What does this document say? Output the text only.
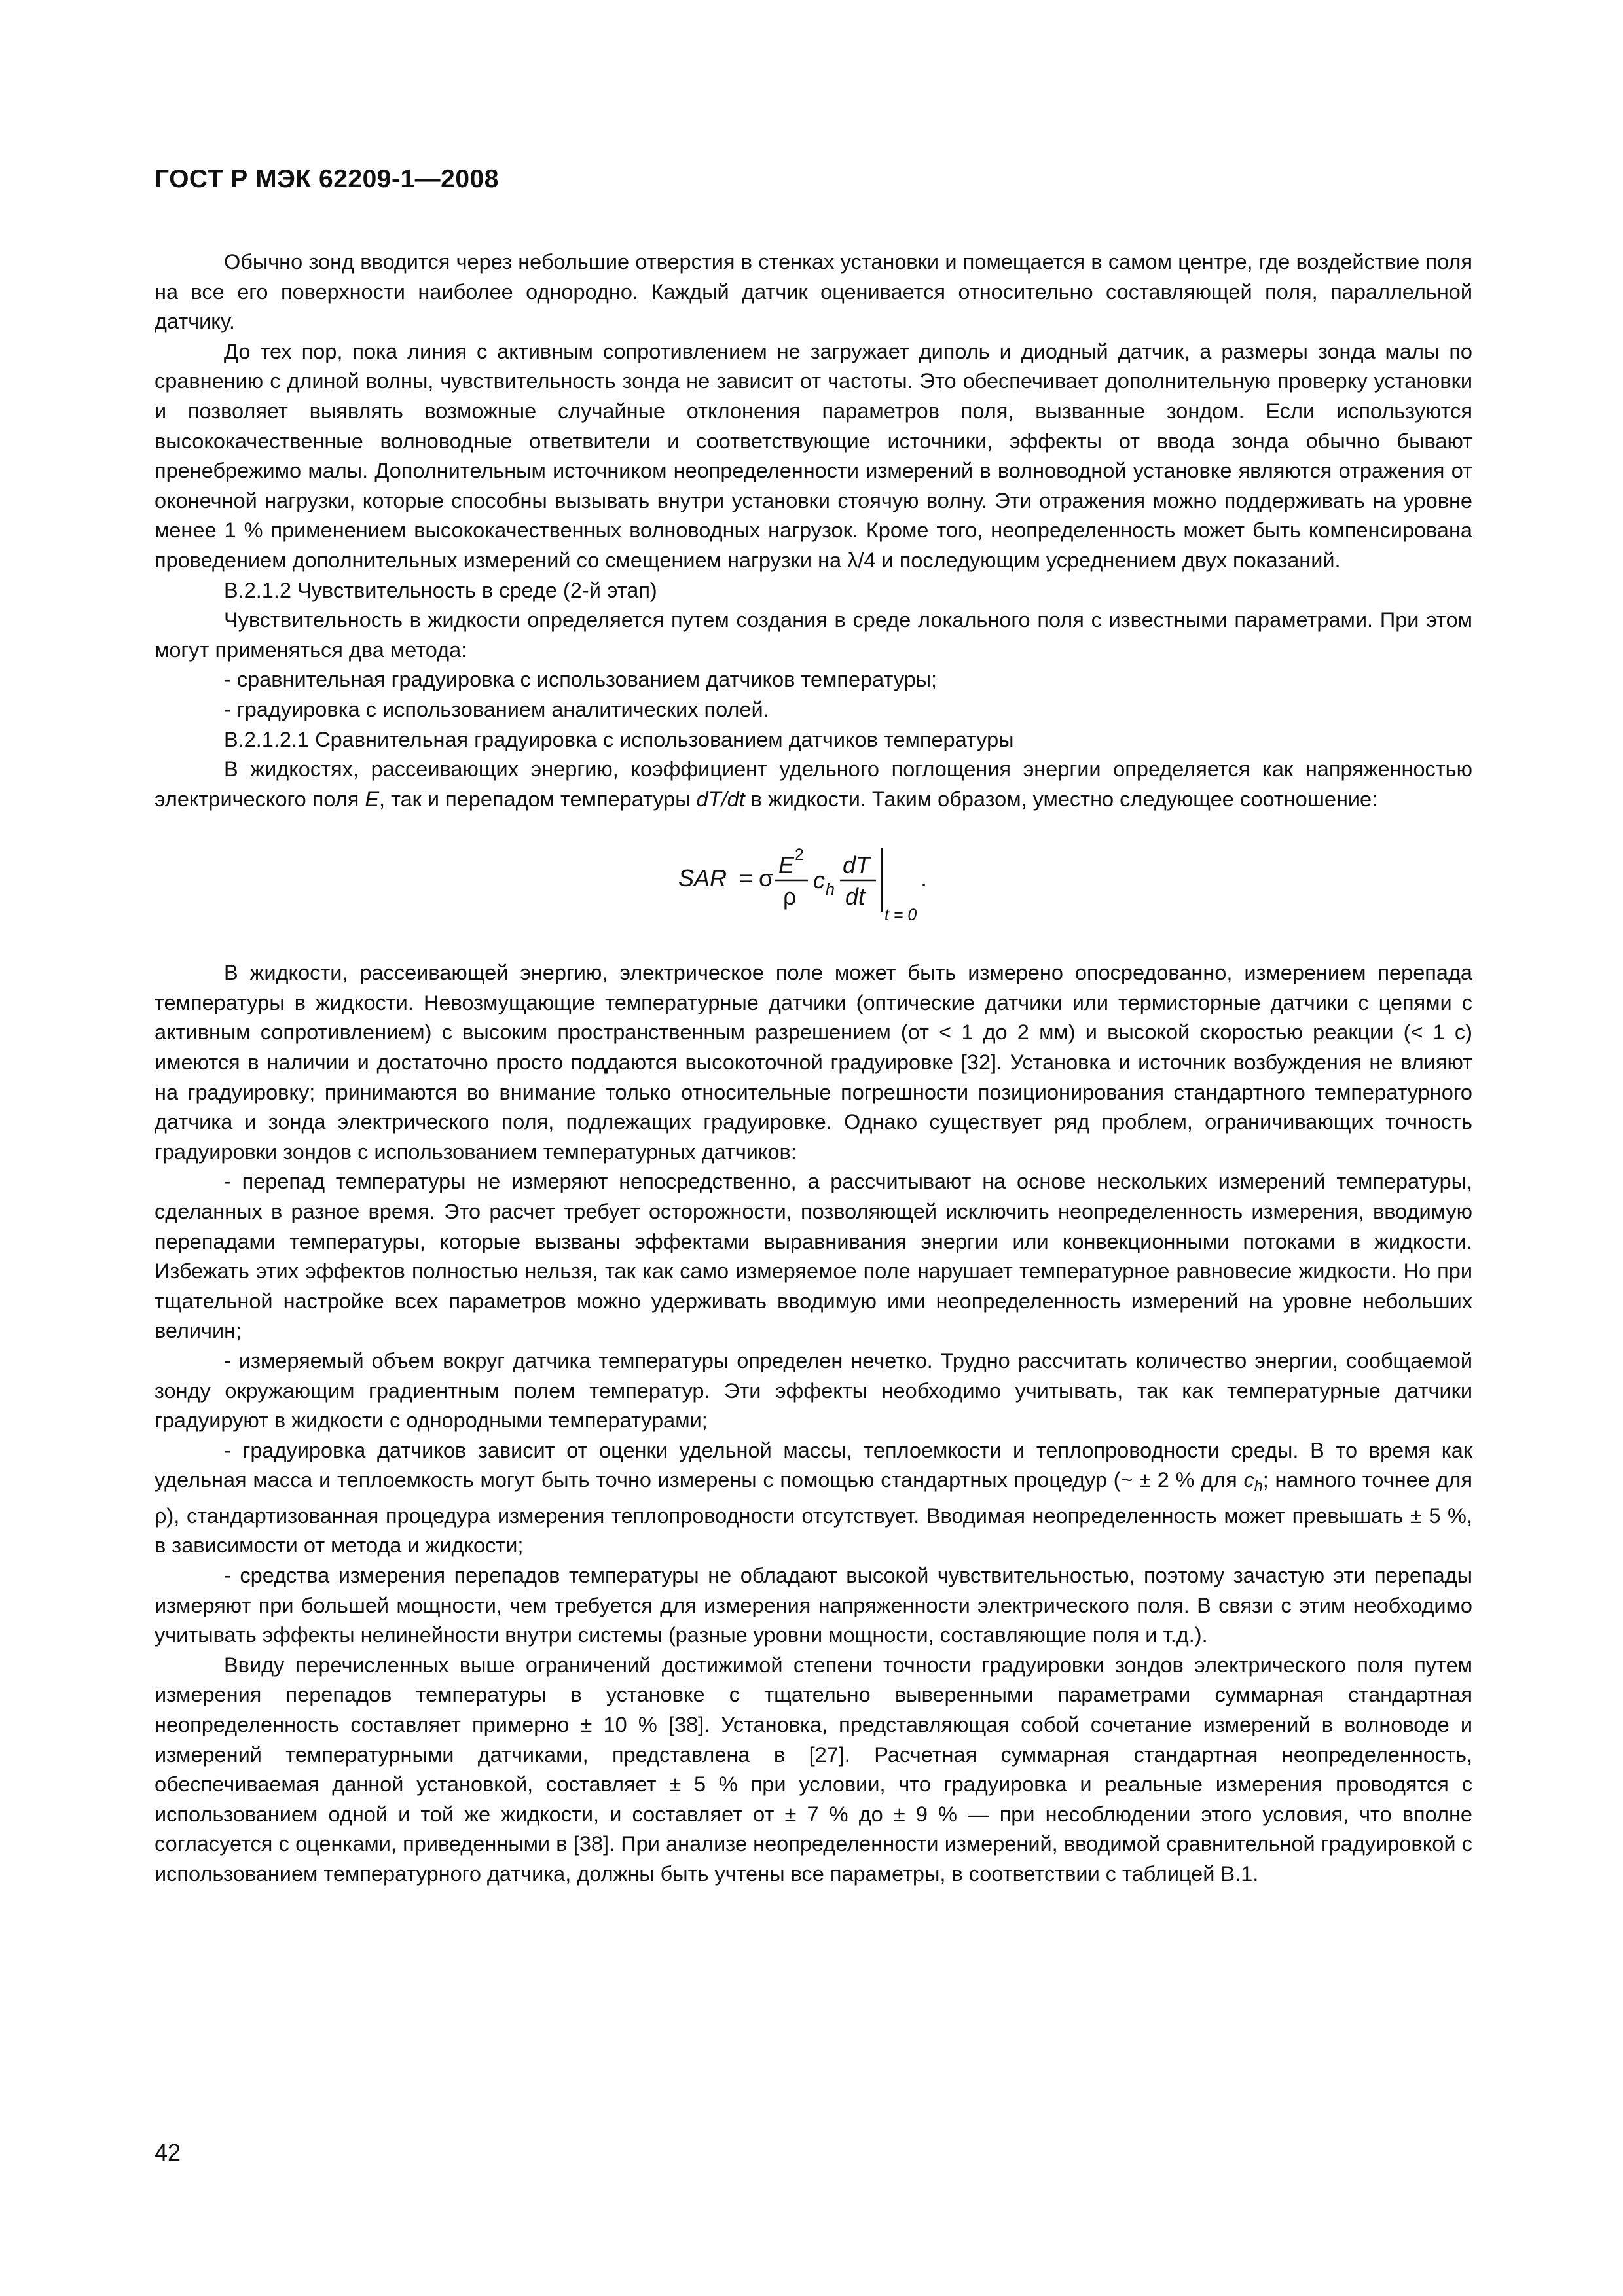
ГОСТ Р МЭК 62209-1—2008

Обычно зонд вводится через небольшие отверстия в стенках установки и помещается в самом центре, где воздействие поля на все его поверхности наиболее однородно. Каждый датчик оценивается относительно составляющей поля, параллельной датчику.

До тех пор, пока линия с активным сопротивлением не загружает диполь и диодный датчик, а размеры зонда малы по сравнению с длиной волны, чувствительность зонда не зависит от частоты. Это обеспечивает дополнительную проверку установки и позволяет выявлять возможные случайные отклонения параметров поля, вызванные зондом. Если используются высококачественные волноводные ответвители и соответствующие источники, эффекты от ввода зонда обычно бывают пренебрежимо малы. Дополнительным источником неопределенности измерений в волноводной установке являются отражения от оконечной нагрузки, которые способны вызывать внутри установки стоячую волну. Эти отражения можно поддерживать на уровне менее 1 % применением высококачественных волноводных нагрузок. Кроме того, неопределенность может быть компенсирована проведением дополнительных измерений со смещением нагрузки на λ/4 и последующим усреднением двух показаний.

В.2.1.2 Чувствительность в среде (2-й этап)

Чувствительность в жидкости определяется путем создания в среде локального поля с известными параметрами. При этом могут применяться два метода:

- сравнительная градуировка с использованием датчиков температуры;

- градуировка с использованием аналитических полей.

В.2.1.2.1 Сравнительная градуировка с использованием датчиков температуры

В жидкостях, рассеивающих энергию, коэффициент удельного поглощения энергии определяется как напряженностью электрического поля E, так и перепадом температуры dT/dt в жидкости. Таким образом, уместно следующее соотношение:

SAR = σ E 2
ρ
c h
dT
dt
t = 0
.

В жидкости, рассеивающей энергию, электрическое поле может быть измерено опосредованно, измерением перепада температуры в жидкости. Невозмущающие температурные датчики (оптические датчики или термисторные датчики с цепями с активным сопротивлением) с высоким пространственным разрешением (от < 1 до 2 мм) и высокой скоростью реакции (< 1 с) имеются в наличии и достаточно просто поддаются высокоточной градуировке [32]. Установка и источник возбуждения не влияют на градуировку; принимаются во внимание только относительные погрешности позиционирования стандартного температурного датчика и зонда электрического поля, подлежащих градуировке. Однако существует ряд проблем, ограничивающих точность градуировки зондов с использованием температурных датчиков:

- перепад температуры не измеряют непосредственно, а рассчитывают на основе нескольких измерений температуры, сделанных в разное время. Это расчет требует осторожности, позволяющей исключить неопределенность измерения, вводимую перепадами температуры, которые вызваны эффектами выравнивания энергии или конвекционными потоками в жидкости. Избежать этих эффектов полностью нельзя, так как само измеряемое поле нарушает температурное равновесие жидкости. Но при тщательной настройке всех параметров можно удерживать вводимую ими неопределенность измерений на уровне небольших величин;

- измеряемый объем вокруг датчика температуры определен нечетко. Трудно рассчитать количество энергии, сообщаемой зонду окружающим градиентным полем температур. Эти эффекты необходимо учитывать, так как температурные датчики градуируют в жидкости с однородными температурами;

- градуировка датчиков зависит от оценки удельной массы, теплоемкости и теплопроводности среды. В то время как удельная масса и теплоемкость могут быть точно измерены с помощью стандартных процедур (~ ± 2 % для $c_h$; намного точнее для ρ), стандартизованная процедура измерения теплопроводности отсутствует. Вводимая неопределенность может превышать ± 5 %, в зависимости от метода и жидкости;

- средства измерения перепадов температуры не обладают высокой чувствительностью, поэтому зачастую эти перепады измеряют при большей мощности, чем требуется для измерения напряженности электрического поля. В связи с этим необходимо учитывать эффекты нелинейности внутри системы (разные уровни мощности, составляющие поля и т.д.).

Ввиду перечисленных выше ограничений достижимой степени точности градуировки зондов электрического поля путем измерения перепадов температуры в установке с тщательно выверенными параметрами суммарная стандартная неопределенность составляет примерно ± 10 % [38]. Установка, представляющая собой сочетание измерений в волноводе и измерений температурными датчиками, представлена в [27]. Расчетная суммарная стандартная неопределенность, обеспечиваемая данной установкой, составляет ± 5 % при условии, что градуировка и реальные измерения проводятся с использованием одной и той же жидкости, и составляет от ± 7 % до ± 9 % — при несоблюдении этого условия, что вполне согласуется с оценками, приведенными в [38]. При анализе неопределенности измерений, вводимой сравнительной градуировкой с использованием температурного датчика, должны быть учтены все параметры, в соответствии с таблицей В.1.

42
